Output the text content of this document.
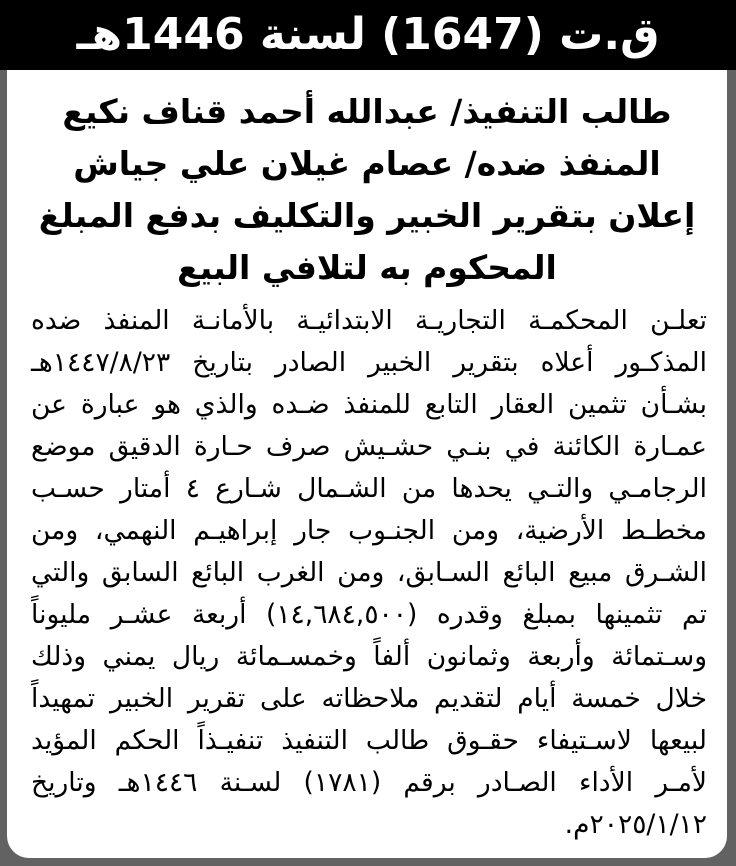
ق.ت (1647) لسنة 1446هـ
طالب التنفيذ/ عبدالله أحمد قناف نكيع
المنفذ ضده/ عصام غيلان علي جياش
إعلان بتقرير الخبير والتكليف بدفع المبلغ
المحكوم به لتلافي البيع
تعلـن المحكمـة التجاريـة الابتدائيـة بالأمانـة المنفذ ضده
المذكـور أعلاه بتقرير الخبير الصادر بتاريخ ١٤٤٧/٨/٢٣هـ
بشـأن تثمين العقار التابع للمنفذ ضـده والذي هو عبارة عن
عمـارة الكائنة في بنـي حشـيش صرف حـارة الدقيق موضع
الرجامـي والتـي يحدها من الشـمال شـارع ٤ أمتار حسـب
مخطـط الأرضية، ومن الجنـوب جار إبراهيـم النهمي، ومن
الشـرق مبيع البائع السـابق، ومن الغرب البائع السابق والتي
تم تثمينها بمبلغ وقدره (١٤,٦٨٤,٥٠٠) أربعة عشـر مليوناً
وسـتمائة وأربعة وثمانون ألفاً وخمسـمائة ريال يمني وذلك
خلال خمسة أيام لتقديم ملاحظاته على تقرير الخبير تمهيداً
لبيعها لاسـتيفاء حقـوق طالب التنفيذ تنفيـذاً الحكم المؤيد
لأمـر الأداء الصـادر برقم (١٧٨١) لسـنة ١٤٤٦هـ وتاريخ
٢٠٢٥/١/١٢م.
